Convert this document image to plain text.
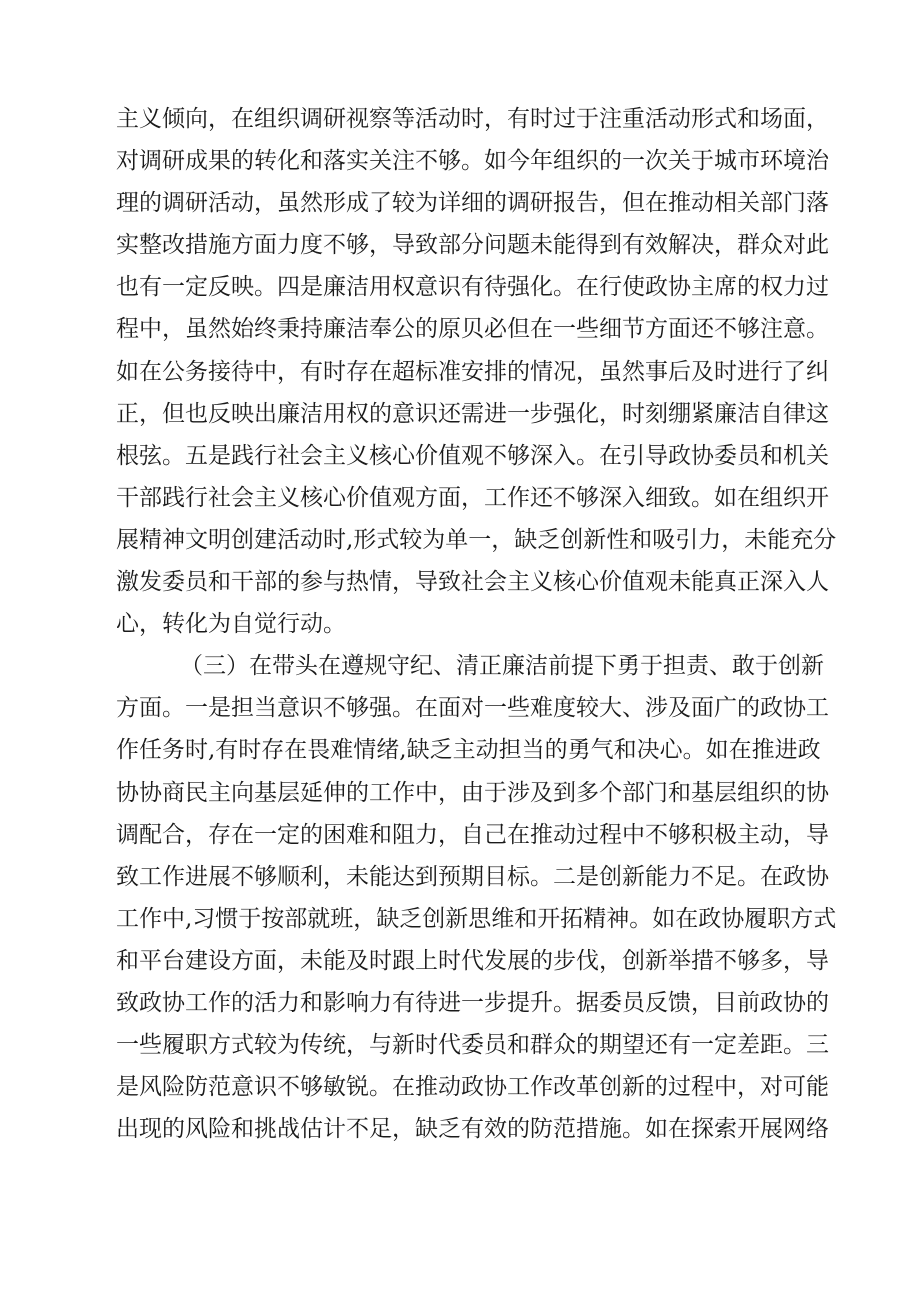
主义倾向，在组织调研视察等活动时，有时过于注重活动形式和场面，
对调研成果的转化和落实关注不够。如今年组织的一次关于城市环境治
理的调研活动，虽然形成了较为详细的调研报告，但在推动相关部门落
实整改措施方面力度不够，导致部分问题未能得到有效解决，群众对此
也有一定反映。四是廉洁用权意识有待强化。在行使政协主席的权力过
程中，虽然始终秉持廉洁奉公的原贝必但在一些细节方面还不够注意。
如在公务接待中，有时存在超标准安排的情况，虽然事后及时进行了纠
正，但也反映出廉洁用权的意识还需进一步强化，时刻绷紧廉洁自律这
根弦。五是践行社会主义核心价值观不够深入。在引导政协委员和机关
干部践行社会主义核心价值观方面，工作还不够深入细致。如在组织开
展精神文明创建活动时,形式较为单一，缺乏创新性和吸引力，未能充分
激发委员和干部的参与热情，导致社会主义核心价值观未能真正深入人
心，转化为自觉行动。
（三）在带头在遵规守纪、清正廉洁前提下勇于担责、敢于创新
方面。一是担当意识不够强。在面对一些难度较大、涉及面广的政协工
作任务时,有时存在畏难情绪,缺乏主动担当的勇气和决心。如在推进政
协协商民主向基层延伸的工作中，由于涉及到多个部门和基层组织的协
调配合，存在一定的困难和阻力，自己在推动过程中不够积极主动，导
致工作进展不够顺利，未能达到预期目标。二是创新能力不足。在政协
工作中,习惯于按部就班，缺乏创新思维和开拓精神。如在政协履职方式
和平台建设方面，未能及时跟上时代发展的步伐，创新举措不够多，导
致政协工作的活力和影响力有待进一步提升。据委员反馈，目前政协的
一些履职方式较为传统，与新时代委员和群众的期望还有一定差距。三
是风险防范意识不够敏锐。在推动政协工作改革创新的过程中，对可能
出现的风险和挑战估计不足，缺乏有效的防范措施。如在探索开展网络
